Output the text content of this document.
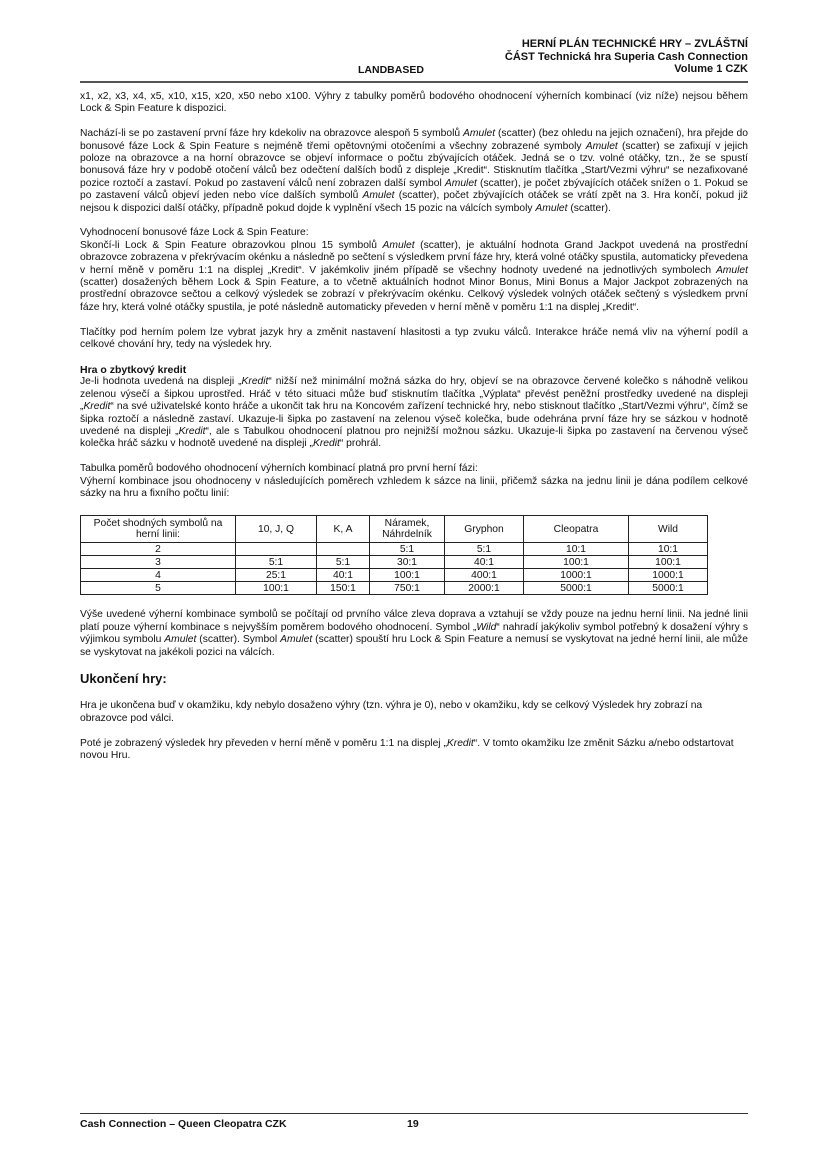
LANDBASED
HERNÍ PLÁN TECHNICKÉ HRY – ZVLÁŠTNÍ
ČÁST Technická hra Superia Cash Connection
Volume 1 CZK

x1, x2, x3, x4, x5, x10, x15, x20, x50 nebo x100. Výhry z tabulky poměrů bodového ohodnocení výherních kombinací (viz níže) nejsou během Lock & Spin Feature k dispozici.

Nachází-li se po zastavení první fáze hry kdekoliv na obrazovce alespoň 5 symbolů Amulet (scatter) (bez ohledu na jejich označení), hra přejde do bonusové fáze Lock & Spin Feature s nejméně třemi opětovnými otočeními a všechny zobrazené symboly Amulet (scatter) se zafixují v jejich poloze na obrazovce a na horní obrazovce se objeví informace o počtu zbývajících otáček. Jedná se o tzv. volné otáčky, tzn., že se spustí bonusová fáze hry v podobě otočení válců bez odečtení dalších bodů z displeje „Kredit“. Stisknutím tlačítka „Start/Vezmi výhru“ se nezafixované pozice roztočí a zastaví. Pokud po zastavení válců není zobrazen další symbol Amulet (scatter), je počet zbývajících otáček snížen o 1. Pokud se po zastavení válců objeví jeden nebo více dalších symbolů Amulet (scatter), počet zbývajících otáček se vrátí zpět na 3. Hra končí, pokud již nejsou k dispozici další otáčky, případně pokud dojde k vyplnění všech 15 pozic na válcích symboly Amulet (scatter).

Vyhodnocení bonusové fáze Lock & Spin Feature:
Skončí-li Lock & Spin Feature obrazovkou plnou 15 symbolů Amulet (scatter), je aktuální hodnota Grand Jackpot uvedená na prostřední obrazovce zobrazena v překrývacím okénku a následně po sečtení s výsledkem první fáze hry, která volné otáčky spustila, automaticky převedena v herní měně v poměru 1:1 na displej „Kredit“. V jakémkoliv jiném případě se všechny hodnoty uvedené na jednotlivých symbolech Amulet (scatter) dosažených během Lock & Spin Feature, a to včetně aktuálních hodnot Minor Bonus, Mini Bonus a Major Jackpot zobrazených na prostřední obrazovce sečtou a celkový výsledek se zobrazí v překrývacím okénku. Celkový výsledek volných otáček sečtený s výsledkem první fáze hry, která volné otáčky spustila, je poté následně automaticky převeden v herní měně v poměru 1:1 na displej „Kredit“.

Tlačítky pod herním polem lze vybrat jazyk hry a změnit nastavení hlasitosti a typ zvuku válců. Interakce hráče nemá vliv na výherní podíl a celkové chování hry, tedy na výsledek hry.

Hra o zbytkový kredit

Je-li hodnota uvedená na displeji „Kredit“ nižší než minimální možná sázka do hry, objeví se na obrazovce červené kolečko s náhodně velikou zelenou výsečí a šipkou uprostřed. Hráč v této situaci může buď stisknutím tlačítka „Výplata“ převést peněžní prostředky uvedené na displeji „Kredit“ na své uživatelské konto hráče a ukončit tak hru na Koncovém zařízení technické hry, nebo stisknout tlačítko „Start/Vezmi výhru“, čímž se šipka roztočí a následně zastaví. Ukazuje-li šipka po zastavení na zelenou výseč kolečka, bude odehrána první fáze hry se sázkou v hodnotě uvedené na displeji „Kredit“, ale s Tabulkou ohodnocení platnou pro nejnižší možnou sázku. Ukazuje-li šipka po zastavení na červenou výseč kolečka hráč sázku v hodnotě uvedené na displeji „Kredit“ prohrál.

Tabulka poměrů bodového ohodnocení výherních kombinací platná pro první herní fázi:
Výherní kombinace jsou ohodnoceny v následujících poměrech vzhledem k sázce na linii, přičemž sázka na jednu linii je dána podílem celkové sázky na hru a fixního počtu linií:

Počet shodných symbolů na herní linii:	10, J, Q	K, A	Náramek, Náhrdelník	Gryphon	Cleopatra	Wild
2			5:1	5:1	10:1	10:1
3	5:1	5:1	30:1	40:1	100:1	100:1
4	25:1	40:1	100:1	400:1	1000:1	1000:1
5	100:1	150:1	750:1	2000:1	5000:1	5000:1

Výše uvedené výherní kombinace symbolů se počítají od prvního válce zleva doprava a vztahují se vždy pouze na jednu herní linii. Na jedné linii platí pouze výherní kombinace s nejvyšším poměrem bodového ohodnocení. Symbol „Wild“ nahradí jakýkoliv symbol potřebný k dosažení výhry s výjimkou symbolu Amulet (scatter). Symbol Amulet (scatter) spouští hru Lock & Spin Feature a nemusí se vyskytovat na jedné herní linii, ale může se vyskytovat na jakékoli pozici na válcích.

Ukončení hry:

Hra je ukončena buď v okamžiku, kdy nebylo dosaženo výhry (tzn. výhra je 0), nebo v okamžiku, kdy se celkový Výsledek hry zobrazí na obrazovce pod válci.

Poté je zobrazený výsledek hry převeden v herní měně v poměru 1:1 na displej „Kredit“. V tomto okamžiku lze změnit Sázku a/nebo odstartovat novou Hru.

Cash Connection – Queen Cleopatra CZK	19
